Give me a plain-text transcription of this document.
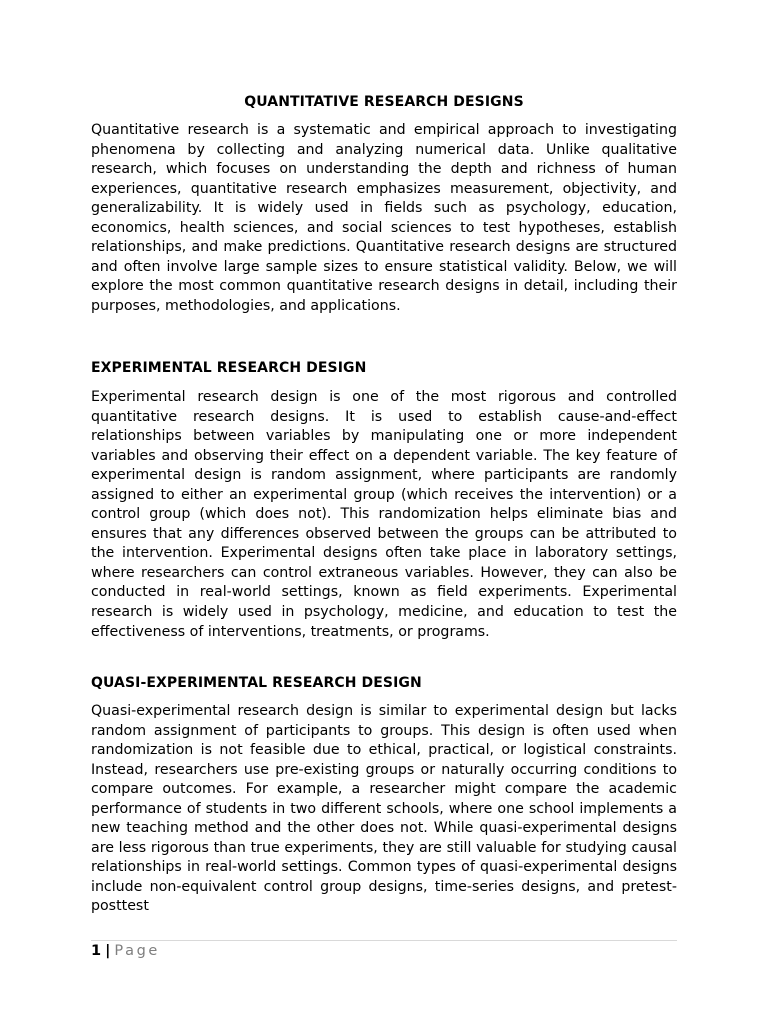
QUANTITATIVE RESEARCH DESIGNS

Quantitative research is a systematic and empirical approach to investigating phenomena by collecting and analyzing numerical data. Unlike qualitative research, which focuses on understanding the depth and richness of human experiences, quantitative research emphasizes measurement, objectivity, and generalizability. It is widely used in fields such as psychology, education, economics, health sciences, and social sciences to test hypotheses, establish relationships, and make predictions. Quantitative research designs are structured and often involve large sample sizes to ensure statistical validity. Below, we will explore the most common quantitative research designs in detail, including their purposes, methodologies, and applications.

EXPERIMENTAL RESEARCH DESIGN

Experimental research design is one of the most rigorous and controlled quantitative research designs. It is used to establish cause-and-effect relationships between variables by manipulating one or more independent variables and observing their effect on a dependent variable. The key feature of experimental design is random assignment, where participants are randomly assigned to either an experimental group (which receives the intervention) or a control group (which does not). This randomization helps eliminate bias and ensures that any differences observed between the groups can be attributed to the intervention. Experimental designs often take place in laboratory settings, where researchers can control extraneous variables. However, they can also be conducted in real-world settings, known as field experiments. Experimental research is widely used in psychology, medicine, and education to test the effectiveness of interventions, treatments, or programs.

QUASI-EXPERIMENTAL RESEARCH DESIGN

Quasi-experimental research design is similar to experimental design but lacks random assignment of participants to groups. This design is often used when randomization is not feasible due to ethical, practical, or logistical constraints. Instead, researchers use pre-existing groups or naturally occurring conditions to compare outcomes. For example, a researcher might compare the academic performance of students in two different schools, where one school implements a new teaching method and the other does not. While quasi-experimental designs are less rigorous than true experiments, they are still valuable for studying causal relationships in real-world settings. Common types of quasi-experimental designs include non-equivalent control group designs, time-series designs, and pretest-posttest

1 | Page
